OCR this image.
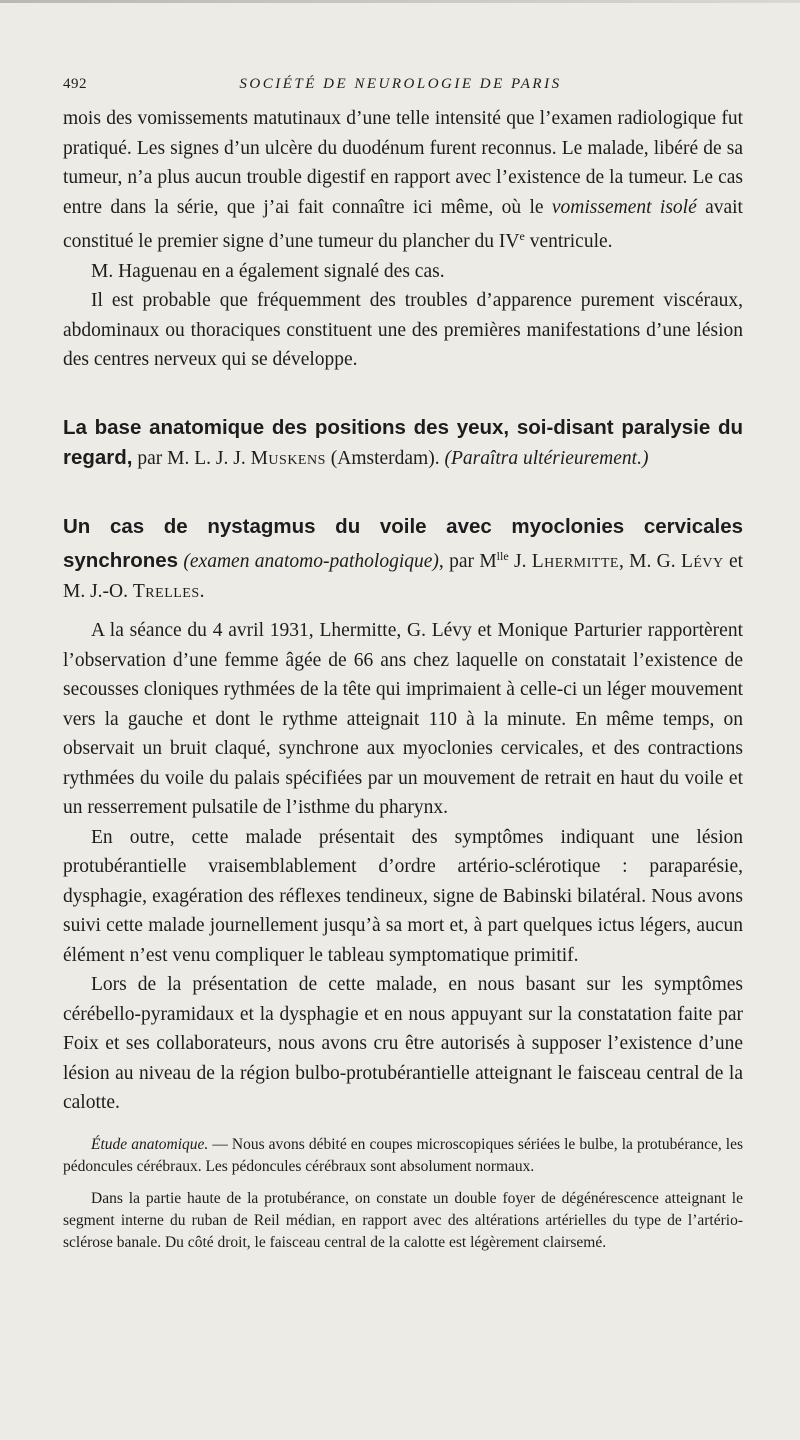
492	SOCIÉTÉ DE NEUROLOGIE DE PARIS

mois des vomissements matutinaux d’une telle intensité que l’examen radiologique fut pratiqué. Les signes d’un ulcère du duodénum furent reconnus. Le malade, libéré de sa tumeur, n’a plus aucun trouble digestif en rapport avec l’existence de la tumeur. Le cas entre dans la série, que j’ai fait connaître ici même, où le vomissement isolé avait constitué le premier signe d’une tumeur du plancher du IVe ventricule.

M. Haguenau en a également signalé des cas.

Il est probable que fréquemment des troubles d’apparence purement viscéraux, abdominaux ou thoraciques constituent une des premières manifestations d’une lésion des centres nerveux qui se développe.

La base anatomique des positions des yeux, soi-disant paralysie du regard, par M. L. J. J. Muskens (Amsterdam). (Paraîtra ultérieurement.)

Un cas de nystagmus du voile avec myoclonies cervicales synchrones (examen anatomo-pathologique), par $M^{lle}$ J. Lhermitte, M. G. Lévy et M. J.-O. Trelles.

A la séance du 4 avril 1931, Lhermitte, G. Lévy et Monique Parturier rapportèrent l’observation d’une femme âgée de 66 ans chez laquelle on constatait l’existence de secousses cloniques rythmées de la tête qui imprimaient à celle-ci un léger mouvement vers la gauche et dont le rythme atteignait 110 à la minute. En même temps, on observait un bruit claqué, synchrone aux myoclonies cervicales, et des contractions rythmées du voile du palais spécifiées par un mouvement de retrait en haut du voile et un resserrement pulsatile de l’isthme du pharynx.

En outre, cette malade présentait des symptômes indiquant une lésion protubérantielle vraisemblablement d’ordre artério-sclérotique : paraparésie, dysphagie, exagération des réflexes tendineux, signe de Babinski bilatéral. Nous avons suivi cette malade journellement jusqu’à sa mort et, à part quelques ictus légers, aucun élément n’est venu compliquer le tableau symptomatique primitif.

Lors de la présentation de cette malade, en nous basant sur les symptômes cérébello-pyramidaux et la dysphagie et en nous appuyant sur la constatation faite par Foix et ses collaborateurs, nous avons cru être autorisés à supposer l’existence d’une lésion au niveau de la région bulbo-protubérantielle atteignant le faisceau central de la calotte.

Étude anatomique. — Nous avons débité en coupes microscopiques sériées le bulbe, la protubérance, les pédoncules cérébraux. Les pédoncules cérébraux sont absolument normaux.

Dans la partie haute de la protubérance, on constate un double foyer de dégénérescence atteignant le segment interne du ruban de Reil médian, en rapport avec des altérations artérielles du type de l’artério-sclérose banale. Du côté droit, le faisceau central de la calotte est légèrement clairsemé.
